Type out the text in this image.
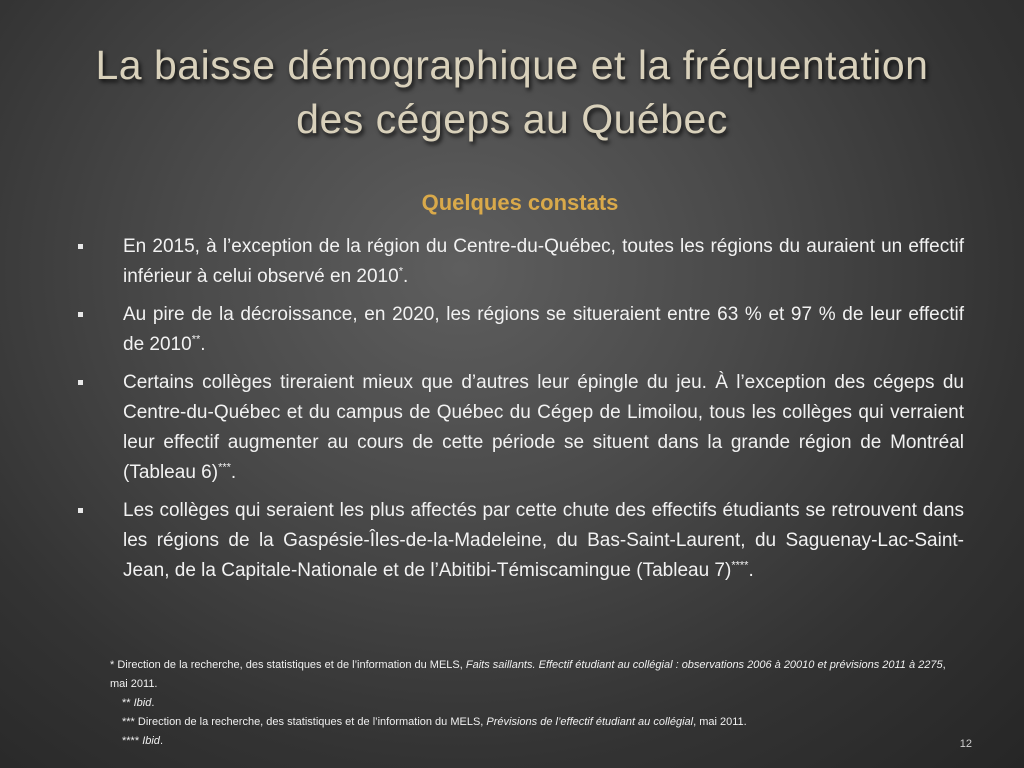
La baisse démographique et la fréquentation des cégeps au Québec
Quelques constats
En 2015, à l’exception de la région du Centre-du-Québec, toutes les régions du auraient un effectif inférieur à celui observé en 2010*.
Au pire de la décroissance, en 2020, les régions se situeraient entre 63 % et 97 % de leur effectif de 2010**.
Certains collèges tireraient mieux que d’autres leur épingle du jeu. À l’exception des cégeps du Centre-du-Québec et du campus de Québec du Cégep de Limoilou, tous les collèges qui verraient leur effectif augmenter au cours de cette période se situent dans la grande région de Montréal (Tableau 6)***.
Les collèges qui seraient les plus affectés par cette chute des effectifs étudiants se retrouvent dans les régions de la Gaspésie-Îles-de-la-Madeleine, du Bas-Saint-Laurent, du Saguenay-Lac-Saint-Jean, de la Capitale-Nationale et de l’Abitibi-Témiscamingue (Tableau 7)****.

* Direction de la recherche, des statistiques et de l’information du MELS, Faits saillants. Effectif étudiant au collégial : observations 2006 à 20010 et prévisions 2011 à 2275, mai 2011.

** Ibid.

*** Direction de la recherche, des statistiques et de l’information du MELS, Prévisions de l’effectif étudiant au collégial, mai 2011.

**** Ibid.	12
